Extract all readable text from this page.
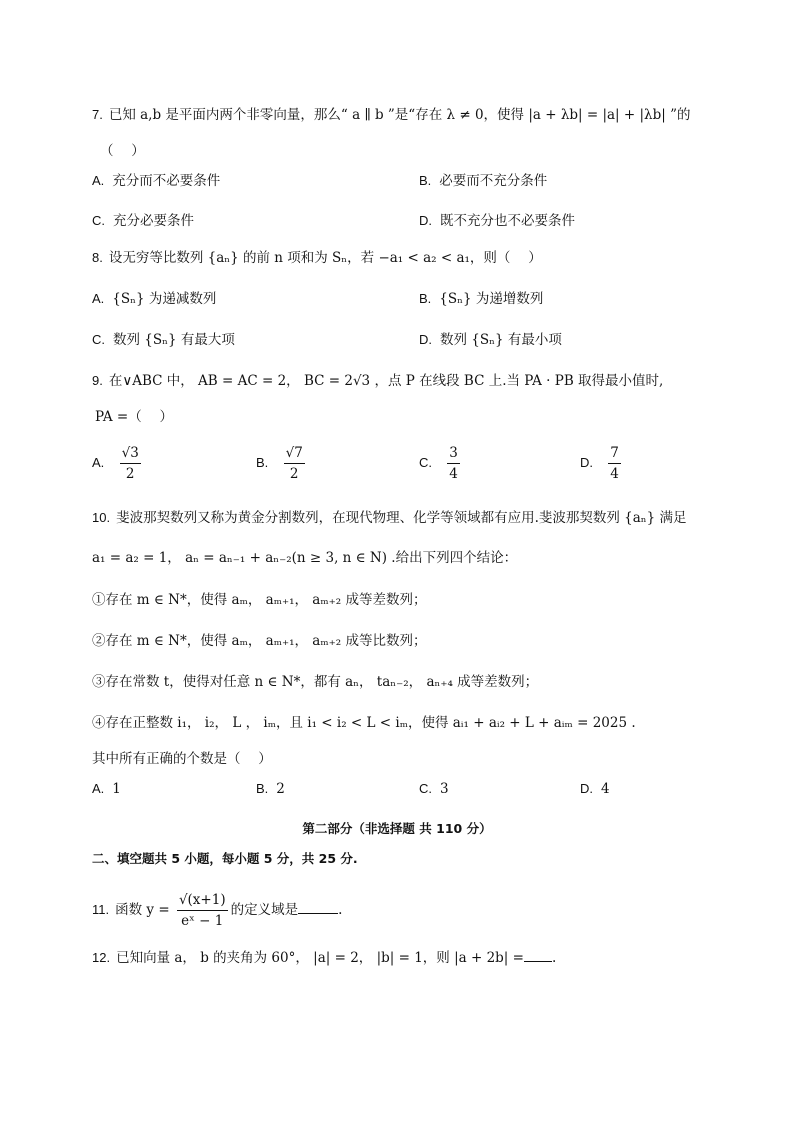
7. 已知 a,b 是平面内两个非零向量，那么“ a ∥ b ”是“存在 λ ≠ 0，使得 |a + λb| = |a| + |λb| ”的
（　 ）
A. 充分而不必要条件	B. 必要而不充分条件
C. 充分必要条件	D. 既不充分也不必要条件
8. 设无穷等比数列 {aₙ} 的前 n 项和为 Sₙ，若 −a₁ < a₂ < a₁，则（　 ）
A. {Sₙ} 为递减数列	B. {Sₙ} 为递增数列
C. 数列 {Sₙ} 有最大项	D. 数列 {Sₙ} 有最小项
9. 在∨ABC 中， AB = AC = 2， BC = 2√3 ，点 P 在线段 BC 上.当 PA · PB 取得最小值时,
PA =（　 ）
A. $\frac{√3}{2}$	B. $\frac{√7}{2}$	C. $\frac{3}{4}$	D. $\frac{7}{4}$
10. 斐波那契数列又称为黄金分割数列，在现代物理、化学等领域都有应用.斐波那契数列 {aₙ} 满足
a₁ = a₂ = 1， aₙ = aₙ₋₁ + aₙ₋₂(n ≥ 3, n ∈ N) .给出下列四个结论：
①存在 m ∈ N*，使得 aₘ， aₘ₊₁， aₘ₊₂ 成等差数列；
②存在 m ∈ N*，使得 aₘ， aₘ₊₁， aₘ₊₂ 成等比数列；
③存在常数 t，使得对任意 n ∈ N*，都有 aₙ， taₙ₋₂， aₙ₊₄ 成等差数列；
④存在正整数 i₁， i₂， L ， iₘ，且 i₁ < i₂ < L < iₘ，使得 aᵢ₁ + aᵢ₂ + L + aᵢₘ = 2025 .
其中所有正确的个数是（　 ）
A. 1	B. 2	C. 3	D. 4
第二部分（非选择题 共 110 分）
二、填空题共 5 小题，每小题 5 分，共 25 分.
11. 函数 $y = \frac{√(x+1)}{\text{eˣ − 1}}$ 的定义域是	.
12. 已知向量 a， b 的夹角为 60°， |a| = 2， |b| = 1，则 |a + 2b| = .
